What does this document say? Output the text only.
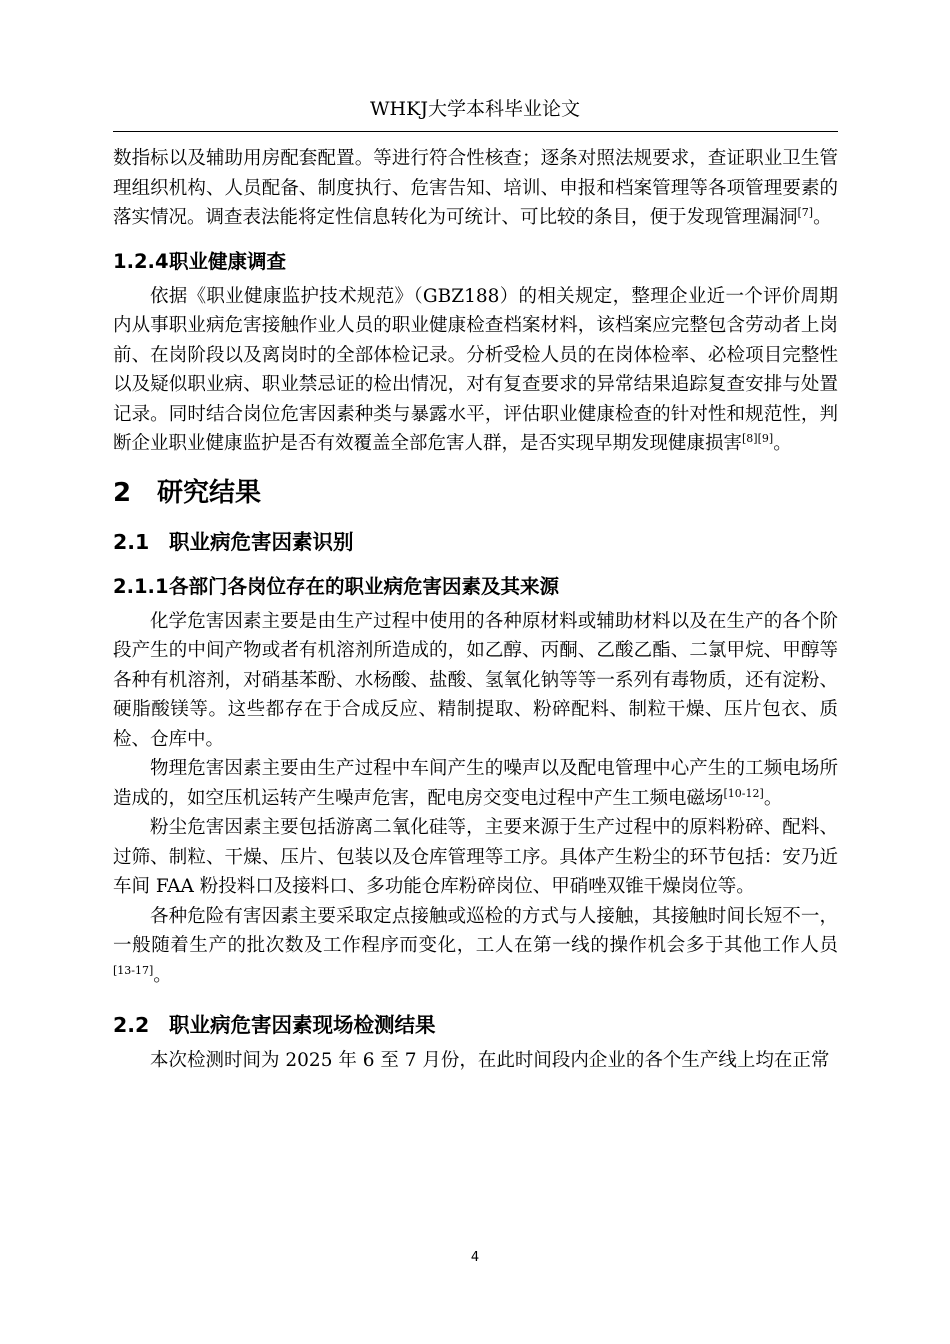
WHKJ大学本科毕业论文

数指标以及辅助用房配套配置。等进行符合性核查；逐条对照法规要求，查证职业卫生管理组织机构、人员配备、制度执行、危害告知、培训、申报和档案管理等各项管理要素的落实情况。调查表法能将定性信息转化为可统计、可比较的条目，便于发现管理漏洞[7]。

1.2.4职业健康调查

依据《职业健康监护技术规范》（GBZ188）的相关规定，整理企业近一个评价周期内从事职业病危害接触作业人员的职业健康检查档案材料，该档案应完整包含劳动者上岗前、在岗阶段以及离岗时的全部体检记录。分析受检人员的在岗体检率、必检项目完整性以及疑似职业病、职业禁忌证的检出情况，对有复查要求的异常结果追踪复查安排与处置记录。同时结合岗位危害因素种类与暴露水平，评估职业健康检查的针对性和规范性，判断企业职业健康监护是否有效覆盖全部危害人群，是否实现早期发现健康损害[8][9]。

2 研究结果
2.1 职业病危害因素识别
2.1.1各部门各岗位存在的职业病危害因素及其来源

化学危害因素主要是由生产过程中使用的各种原材料或辅助材料以及在生产的各个阶段产生的中间产物或者有机溶剂所造成的，如乙醇、丙酮、乙酸乙酯、二氯甲烷、甲醇等各种有机溶剂，对硝基苯酚、水杨酸、盐酸、氢氧化钠等等一系列有毒物质，还有淀粉、硬脂酸镁等。这些都存在于合成反应、精制提取、粉碎配料、制粒干燥、压片包衣、质检、仓库中。

物理危害因素主要由生产过程中车间产生的噪声以及配电管理中心产生的工频电场所造成的，如空压机运转产生噪声危害，配电房交变电过程中产生工频电磁场[10-12]。

粉尘危害因素主要包括游离二氧化硅等，主要来源于生产过程中的原料粉碎、配料、过筛、制粒、干燥、压片、包装以及仓库管理等工序。具体产生粉尘的环节包括：安乃近车间 FAA 粉投料口及接料口、多功能仓库粉碎岗位、甲硝唑双锥干燥岗位等。

各种危险有害因素主要采取定点接触或巡检的方式与人接触，其接触时间长短不一，一般随着生产的批次数及工作程序而变化，工人在第一线的操作机会多于其他工作人员[13-17]。

2.2 职业病危害因素现场检测结果

本次检测时间为 2025 年 6 至 7 月份，在此时间段内企业的各个生产线上均在正常

4
